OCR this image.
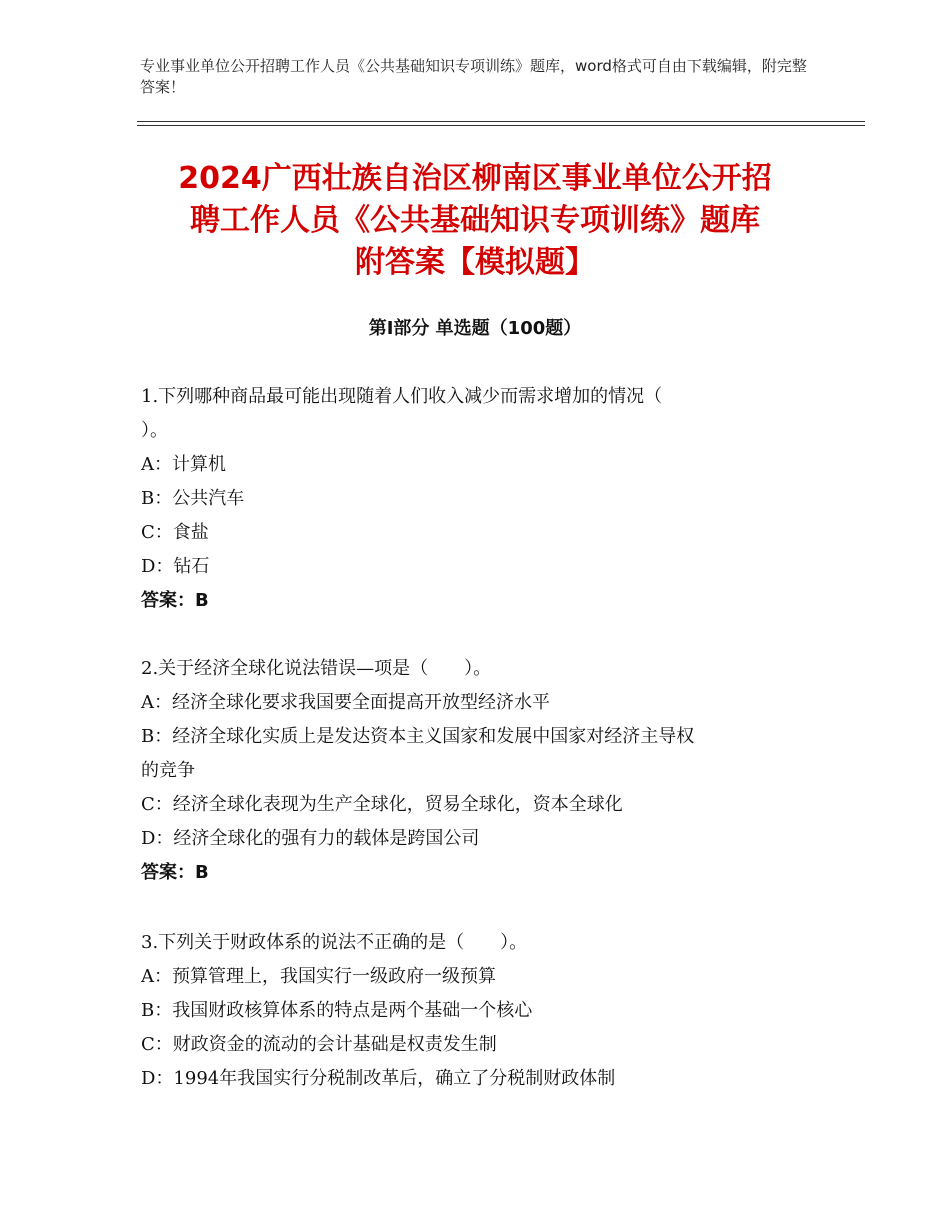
专业事业单位公开招聘工作人员《公共基础知识专项训练》题库，word格式可自由下载编辑，附完整答案！
2024广西壮族自治区柳南区事业单位公开招
聘工作人员《公共基础知识专项训练》题库
附答案【模拟题】
第Ⅰ部分 单选题（100题）

1.下列哪种商品最可能出现随着人们收入减少而需求增加的情况（

）。

A：计算机

B：公共汽车

C：食盐

D：钻石

答案：B

2.关于经济全球化说法错误—项是（　　）。

A：经济全球化要求我国要全面提高开放型经济水平

B：经济全球化实质上是发达资本主义国家和发展中国家对经济主导权

的竞争

C：经济全球化表现为生产全球化，贸易全球化，资本全球化

D：经济全球化的强有力的载体是跨国公司

答案：B

3.下列关于财政体系的说法不正确的是（　　）。

A：预算管理上，我国实行一级政府一级预算

B：我国财政核算体系的特点是两个基础一个核心

C：财政资金的流动的会计基础是权责发生制

D：1994年我国实行分税制改革后，确立了分税制财政体制
